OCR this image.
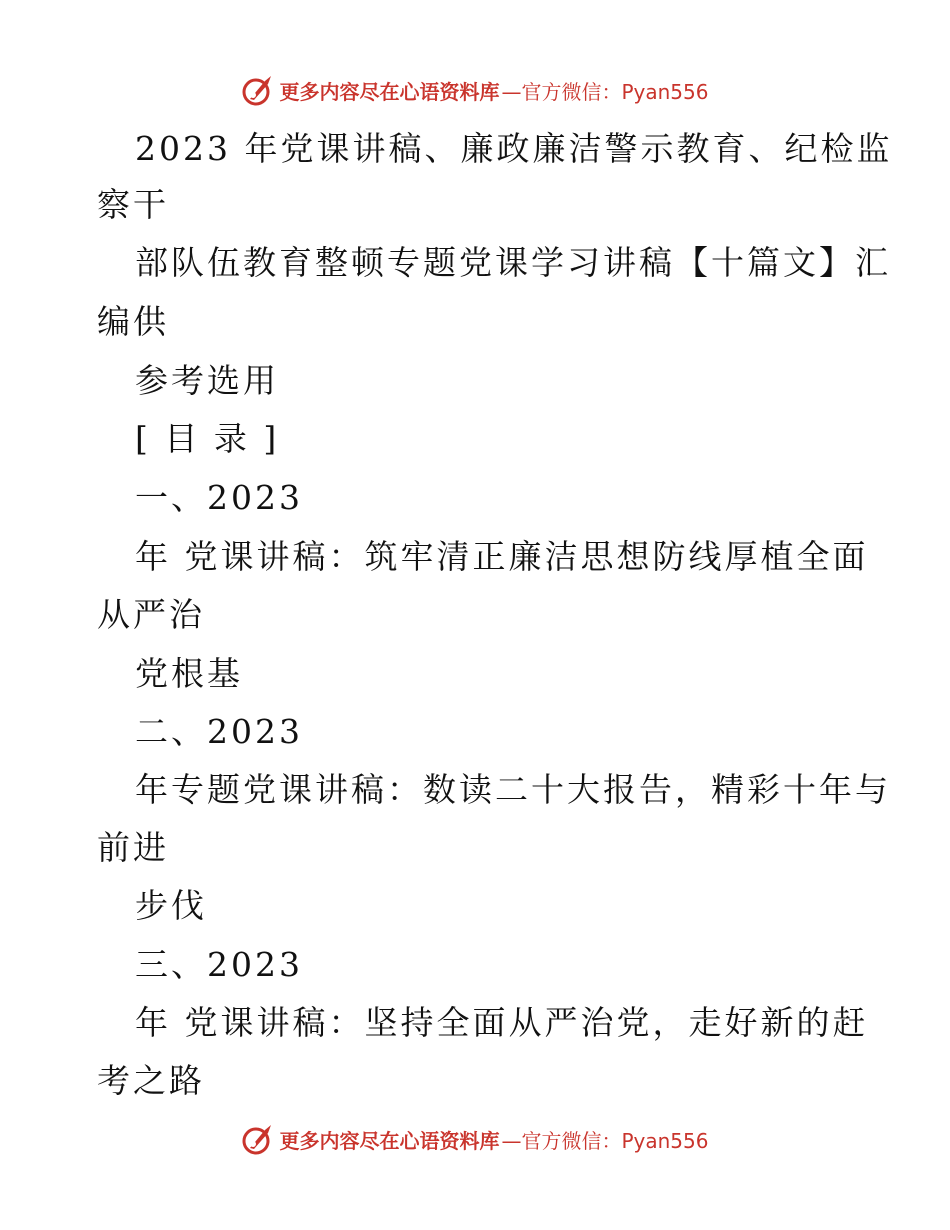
更多内容尽在心语资料库 —官方微信：Pyan556
2023 年党课讲稿、廉政廉洁警示教育、纪检监
察干
部队伍教育整顿专题党课学习讲稿【十篇文】汇
编供
参考选用
[ 目 录 ]
一、2023
年 党课讲稿：筑牢清正廉洁思想防线厚植全面
从严治
党根基
二、2023
年专题党课讲稿：数读二十大报告，精彩十年与
前进
步伐
三、2023
年 党课讲稿：坚持全面从严治党，走好新的赶
考之路
更多内容尽在心语资料库 —官方微信：Pyan556
